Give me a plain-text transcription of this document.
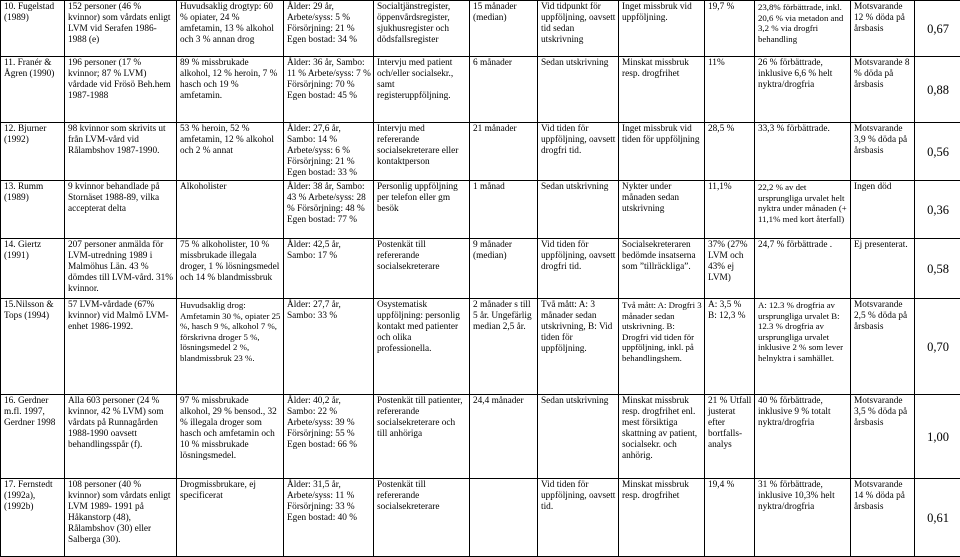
10. Fugelstad (1989)	152 personer (46 % kvinnor) som vårdats enligt LVM vid Serafen 1986-1988 (e)	Huvudsaklig drogtyp: 60 % opiater, 24 % amfetamin, 13 % alkohol och 3 % annan drog	Ålder: 29 år, Arbete/syss: 5 % Försörjning: 21 % Egen bostad: 34 %	Socialtjänstregister, öppenvårdsregister, sjukhusregister och dödsfallsregister	15 månader (median)	Vid tidpunkt för uppföljning, oavsett tid sedan utskrivning	Inget missbruk vid uppföljning.	19,7 %	23,8% förbättrade, inkl. 20,6 % via metadon and 3,2 % via drogfri behandling	Motsvarande 12 % döda på årsbasis	0,67
11. Franér & Ågren (1990)	196 personer (17 % kvinnor; 87 % LVM) vårdade vid Frösö Beh.hem 1987-1988	89 % missbrukade alkohol, 12 % heroin, 7 % hasch och 19 % amfetamin.	Ålder: 36 år, Sambo: 11 % Arbete/syss: 7 % Försörjning: 70 % Egen bostad: 45 %	Intervju med patient och/eller socialsekr., samt registeruppföljning.	6 månader	Sedan utskrivning	Minskat missbruk resp. drogfrihet	11%	26 % förbättrade, inklusive 6,6 % helt nyktra/drogfria	Motsvarande 8 % döda på årsbasis	0,88
12. Bjurner (1992)	98 kvinnor som skrivits ut från LVM-vård vid Rålambshov 1987-1990.	53 % heroin, 52 % amfetamin, 12 % alkohol och 2 % annat	Ålder: 27,6 år, Sambo: 14 % Arbete/syss: 6 % Försörjning: 21 % Egen bostad: 33 %	Intervju med refererande socialsekreterare eller kontaktperson	21 månader	Vid tiden för uppföljning, oavsett drogfri tid.	Inget missbruk vid tiden för uppföljning	28,5 %	33,3 % förbättrade.	Motsvarande 3,9 % döda på årsbasis	0,56
13. Rumm (1989)	9 kvinnor behandlade på Stornäset 1988-89, vilka accepterat delta	Alkoholister	Ålder: 38 år, Sambo: 43 % Arbete/syss: 28 % Försörjning: 48 % Egen bostad: 77 %	Personlig uppföljning per telefon eller gm besök	1 månad	Sedan utskrivning	Nykter under månaden sedan utskrivning	11,1%	22,2 % av det ursprungliga urvalet helt nyktra under månaden (+ 11,1% med kort återfall)	Ingen död	0,36
14. Giertz (1991)	207 personer anmälda för LVM-utredning 1989 i Malmöhus Län. 43 % dömdes till LVM-vård. 31% kvinnor.	75 % alkoholister, 10 % missbrukade illegala droger, 1 % lösningsmedel och 14 % blandmissbruk	Ålder: 42,5 år, Sambo: 17 %	Postenkät till refererande socialsekreterare	9 månader (median)	Vid tiden för uppföljning, oavsett drogfri tid.	Socialsekreteraren bedömde insatserna som ”tillräckliga”.	37% (27% LVM och 43% ej LVM)	24,7 % förbättrade .	Ej presenterat.	0,58
15.Nilsson & Tops (1994)	57 LVM-vårdade (67% kvinnor) vid Malmö LVM-enhet 1986-1992.	Huvudsaklig drog: Amfetamin 30 %, opiater 25 %, hasch 9 %, alkohol 7 %, förskrivna droger 5 %, lösningsmedel 2 %, blandmissbruk 23 %.	Ålder: 27,7 år, Sambo: 33 %	Osystematisk uppföljning: personlig kontakt med patienter och olika professionella.	2 månader s till 5 år. Ungefärlig median 2,5 år.	Två mått: A: 3 månader sedan utskrivning, B: Vid tiden för uppföljning.	Två mått: A: Drogfri 3 månader sedan utskrivning. B: Drogfri vid tiden för uppföljning, inkl. på behandlingshem.	A: 3,5 % B: 12,3 %	A: 12.3 % drogfria av ursprungliga urvalet B: 12.3 % drogfria av ursprungliga urvalet inklusive 2 % som lever helnyktra i samhället.	Motsvarande 2,5 % döda på årsbasis	0,70
16. Gerdner m.fl. 1997, Gerdner 1998	Alla 603 personer (24 % kvinnor, 42 % LVM) som vårdats på Runnagården 1988-1990 oavsett behandlingsspår (f).	97 % missbrukade alkohol, 29 % bensod., 32 % illegala droger som hasch och amfetamin och 10 % missbrukade lösningsmedel.	Ålder: 40,2 år, Sambo: 22 % Arbete/syss: 39 % Försörjning: 55 % Egen bostad: 66 %	Postenkät till patienter, refererande socialsekreterare och till anhöriga	24,4 månader	Sedan utskrivning	Minskat missbruk resp. drogfrihet enl. mest försiktiga skattning av patient, socialsekr. och anhörig.	21 % Utfall justerat efter bortfalls-analys	40 % förbättrade, inklusive 9 % totalt nyktra/drogfria	Motsvarande 3,5 % döda på årsbasis	1,00
17. Fernstedt (1992a), (1992b)	108 personer (40 % kvinnor) som vårdats enligt LVM 1989- 1991 på Håkanstorp (48), Rålambshov (30) eller Salberga (30).	Drogmissbrukare, ej specificerat	Ålder: 31,5 år, Arbete/syss: 11 % Försörjning: 33 % Egen bostad: 40 %	Postenkät till refererande socialsekreterare		Vid tiden för uppföljning, oavsett tid.	Minskat missbruk resp. drogfrihet	19,4 %	31 % förbättrade, inklusive 10,3% helt nyktra/drogfria	Motsvarande 14 % döda på årsbasis	0,61
